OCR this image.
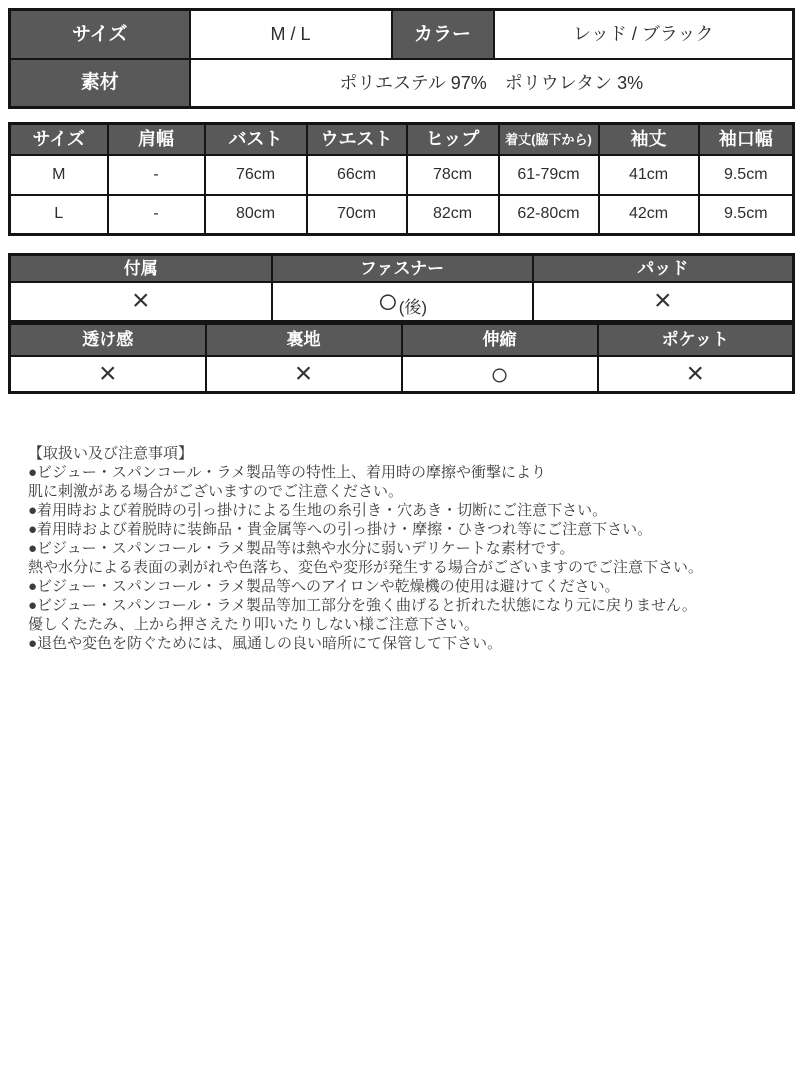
サイズ	M / L	カラー	レッド / ブラック
素材	ポリエステル 97%　ポリウレタン 3%		
サイズ	肩幅	バスト	ウエスト	ヒップ	着丈(脇下から)	袖丈	袖口幅
M	-	76cm	66cm	78cm	61-79cm	41cm	9.5cm
L	-	80cm	70cm	82cm	62-80cm	42cm	9.5cm
付属	ファスナー	パッド
×	○(後)	×
透け感	裏地	伸縮	ポケット
×	×	○	×
【取扱い及び注意事項】
●ビジュー・スパンコール・ラメ製品等の特性上、着用時の摩擦や衝撃により
肌に刺激がある場合がございますのでご注意ください。
●着用時および着脱時の引っ掛けによる生地の糸引き・穴あき・切断にご注意下さい。
●着用時および着脱時に装飾品・貴金属等への引っ掛け・摩擦・ひきつれ等にご注意下さい。
●ビジュー・スパンコール・ラメ製品等は熱や水分に弱いデリケートな素材です。
熱や水分による表面の剥がれや色落ち、変色や変形が発生する場合がございますのでご注意下さい。
●ビジュー・スパンコール・ラメ製品等へのアイロンや乾燥機の使用は避けてください。
●ビジュー・スパンコール・ラメ製品等加工部分を強く曲げると折れた状態になり元に戻りません。
優しくたたみ、上から押さえたり叩いたりしない様ご注意下さい。
●退色や変色を防ぐためには、風通しの良い暗所にて保管して下さい。
